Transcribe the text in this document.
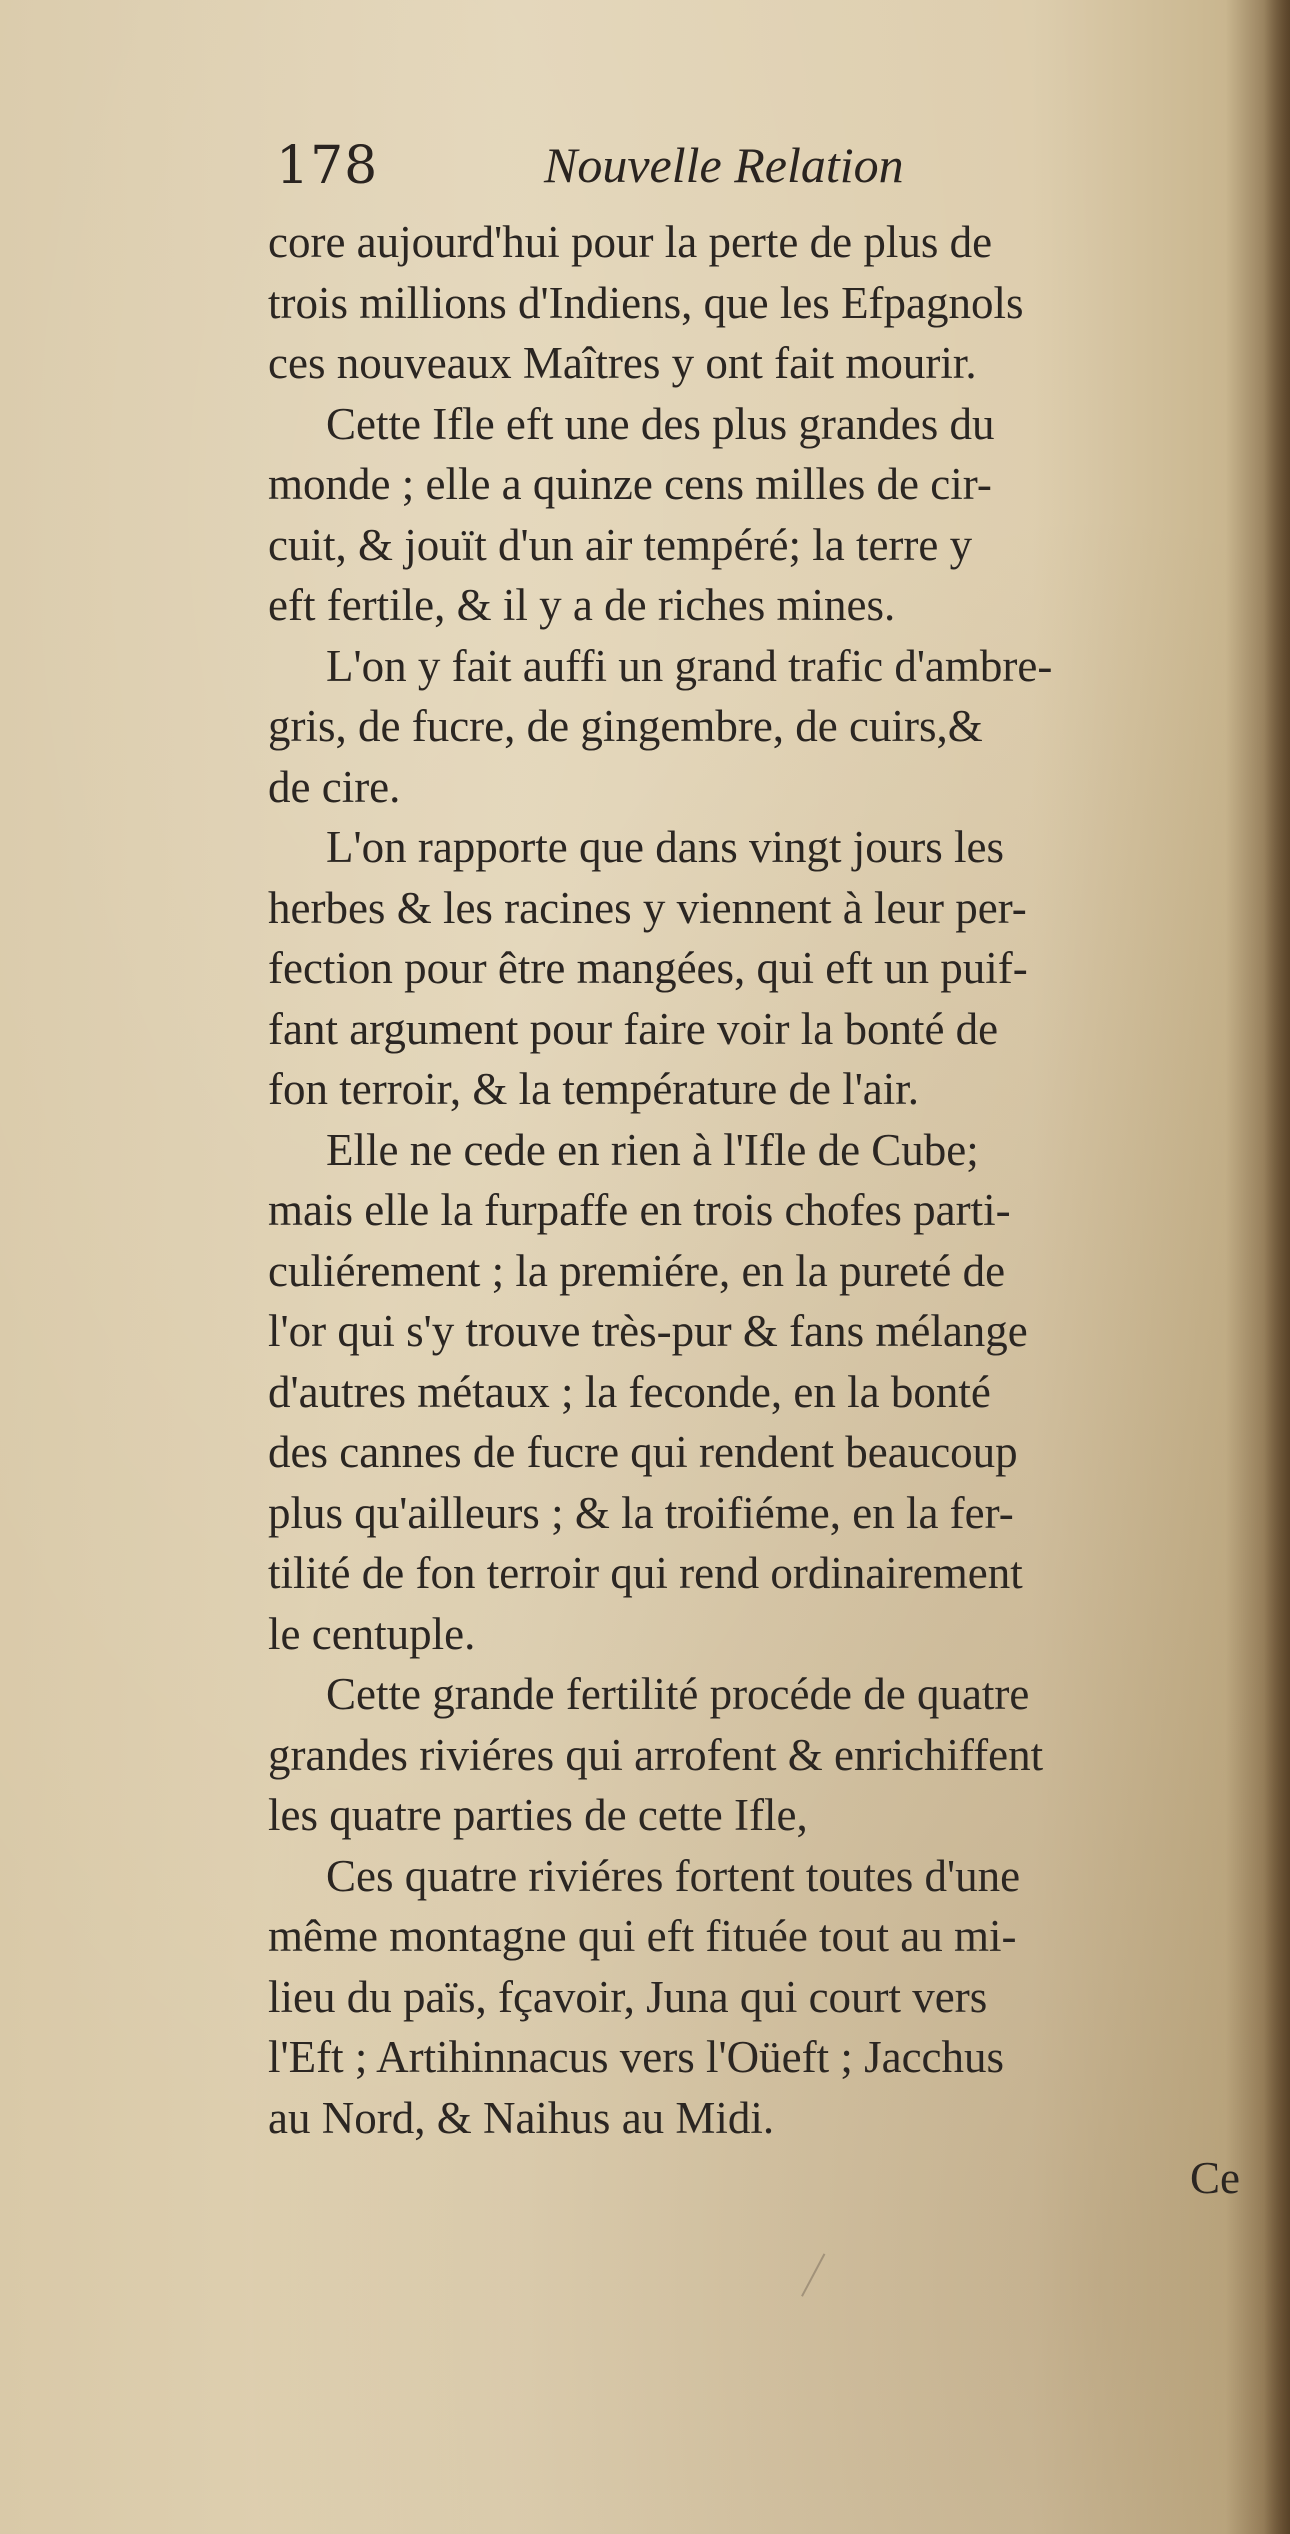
178	Nouvelle Relation
core aujourd'hui pour la perte de plus de
trois millions d'Indiens, que les Efpagnols
ces nouveaux Maîtres y ont fait mourir.
Cette Ifle eft une des plus grandes du
monde ; elle a quinze cens milles de cir-
cuit, & jouït d'un air tempéré; la terre y
eft fertile, & il y a de riches mines.
L'on y fait auffi un grand trafic d'ambre-
gris, de fucre, de gingembre, de cuirs,&
de cire.
L'on rapporte que dans vingt jours les
herbes & les racines y viennent à leur per-
fection pour être mangées, qui eft un puif-
fant argument pour faire voir la bonté de
fon terroir, & la température de l'air.
Elle ne cede en rien à l'Ifle de Cube;
mais elle la furpaffe en trois chofes parti-
culiérement ; la premiére, en la pureté de
l'or qui s'y trouve très-pur & fans mélange
d'autres métaux ; la feconde, en la bonté
des cannes de fucre qui rendent beaucoup
plus qu'ailleurs ; & la troifiéme, en la fer-
tilité de fon terroir qui rend ordinairement
le centuple.
Cette grande fertilité procéde de quatre
grandes riviéres qui arrofent & enrichiffent
les quatre parties de cette Ifle,
Ces quatre riviéres fortent toutes d'une
même montagne qui eft fituée tout au mi-
lieu du païs, fçavoir, Juna qui court vers
l'Eft ; Artihinnacus vers l'Oüeft ; Jacchus
au Nord, & Naihus au Midi.
Ce
